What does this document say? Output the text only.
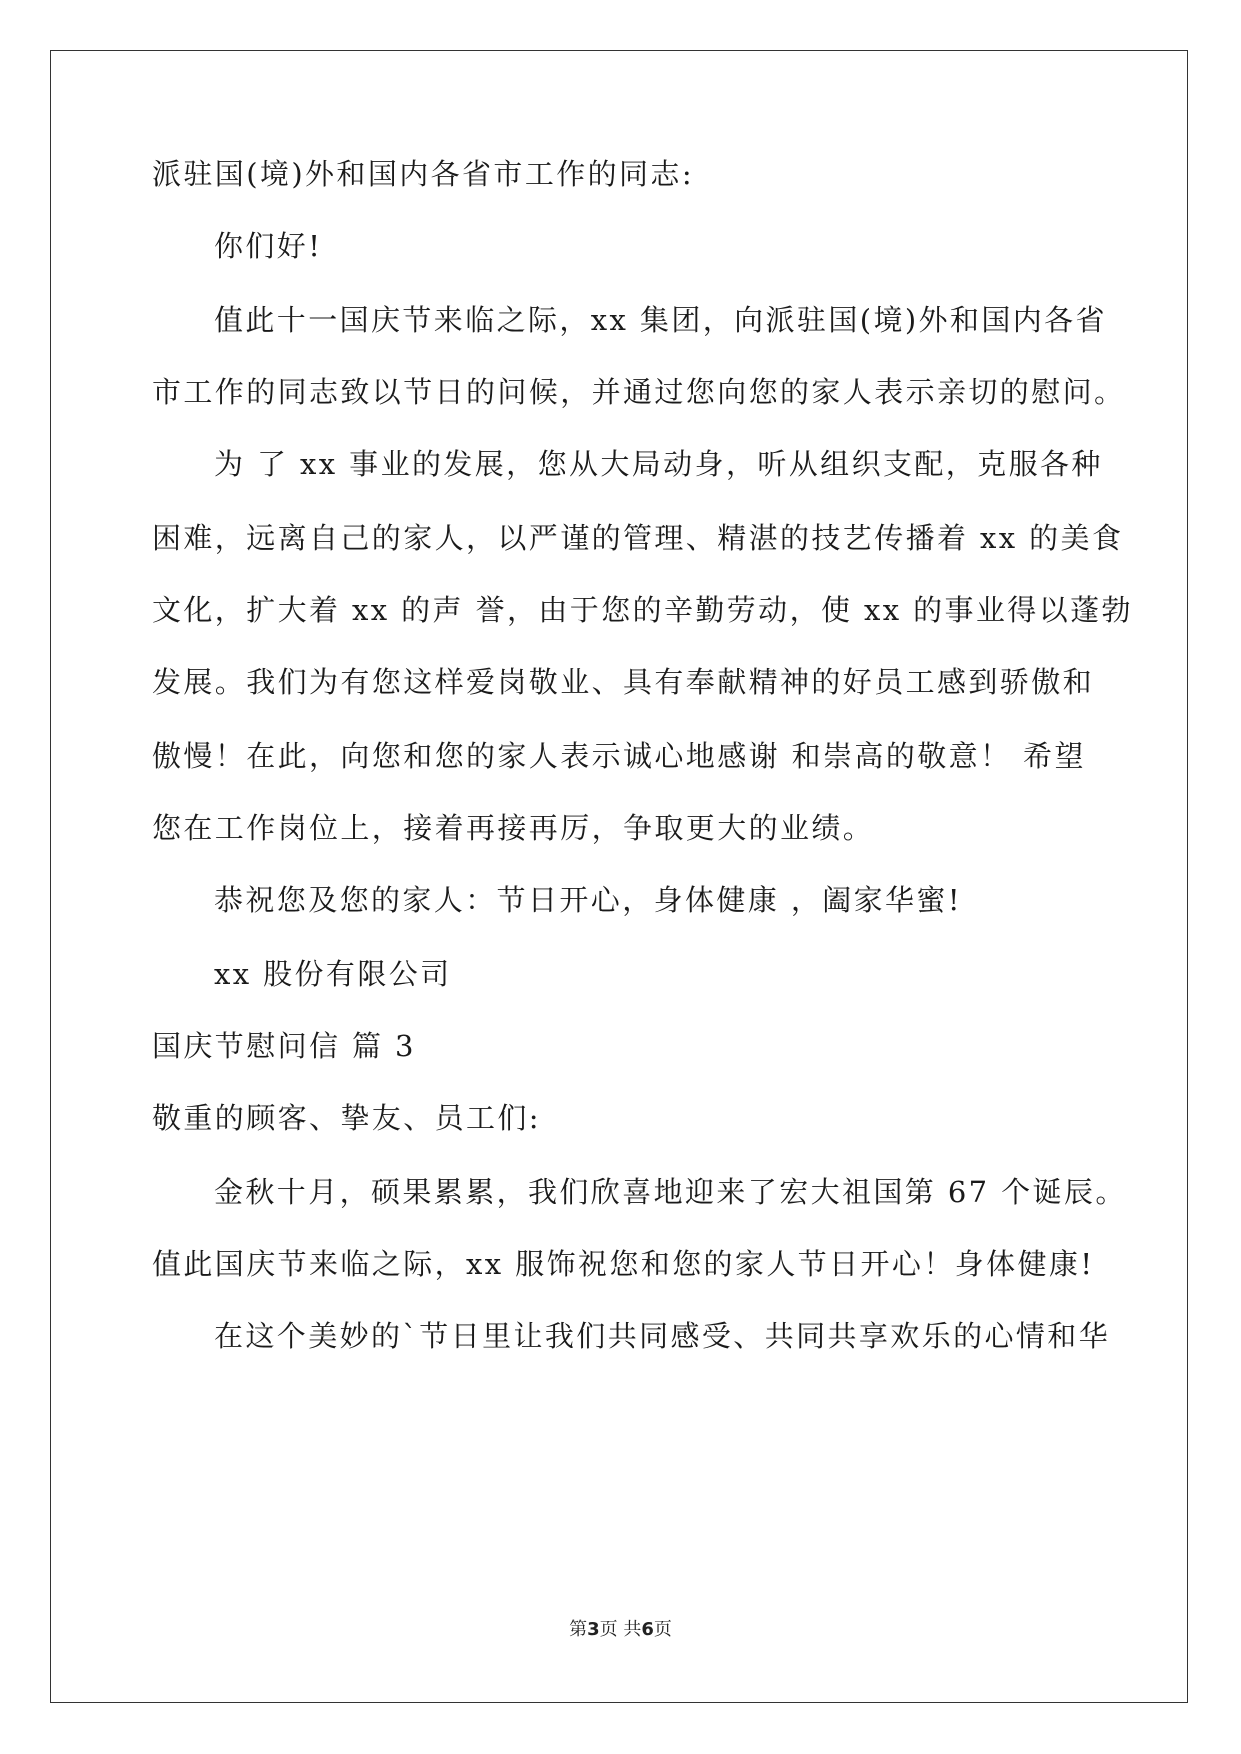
派驻国(境)外和国内各省市工作的同志:
你们好!
值此十一国庆节来临之际，xx 集团，向派驻国(境)外和国内各省
市工作的同志致以节日的问候，并通过您向您的家人表示亲切的慰问。
为 了 xx 事业的发展，您从大局动身，听从组织支配，克服各种
困难，远离自己的家人，以严谨的管理、精湛的技艺传播着 xx 的美食
文化，扩大着 xx 的声 誉，由于您的辛勤劳动，使 xx 的事业得以蓬勃
发展。我们为有您这样爱岗敬业、具有奉献精神的好员工感到骄傲和
傲慢！在此，向您和您的家人表示诚心地感谢 和崇高的敬意！ 希望
您在工作岗位上，接着再接再厉，争取更大的业绩。
恭祝您及您的家人：节日开心，身体健康 ，阖家华蜜!
xx 股份有限公司
国庆节慰问信 篇 3
敬重的顾客、挚友、员工们:
金秋十月，硕果累累，我们欣喜地迎来了宏大祖国第 67 个诞辰。
值此国庆节来临之际，xx 服饰祝您和您的家人节日开心！身体健康!
在这个美妙的`节日里让我们共同感受、共同共享欢乐的心情和华
第3页 共6页
